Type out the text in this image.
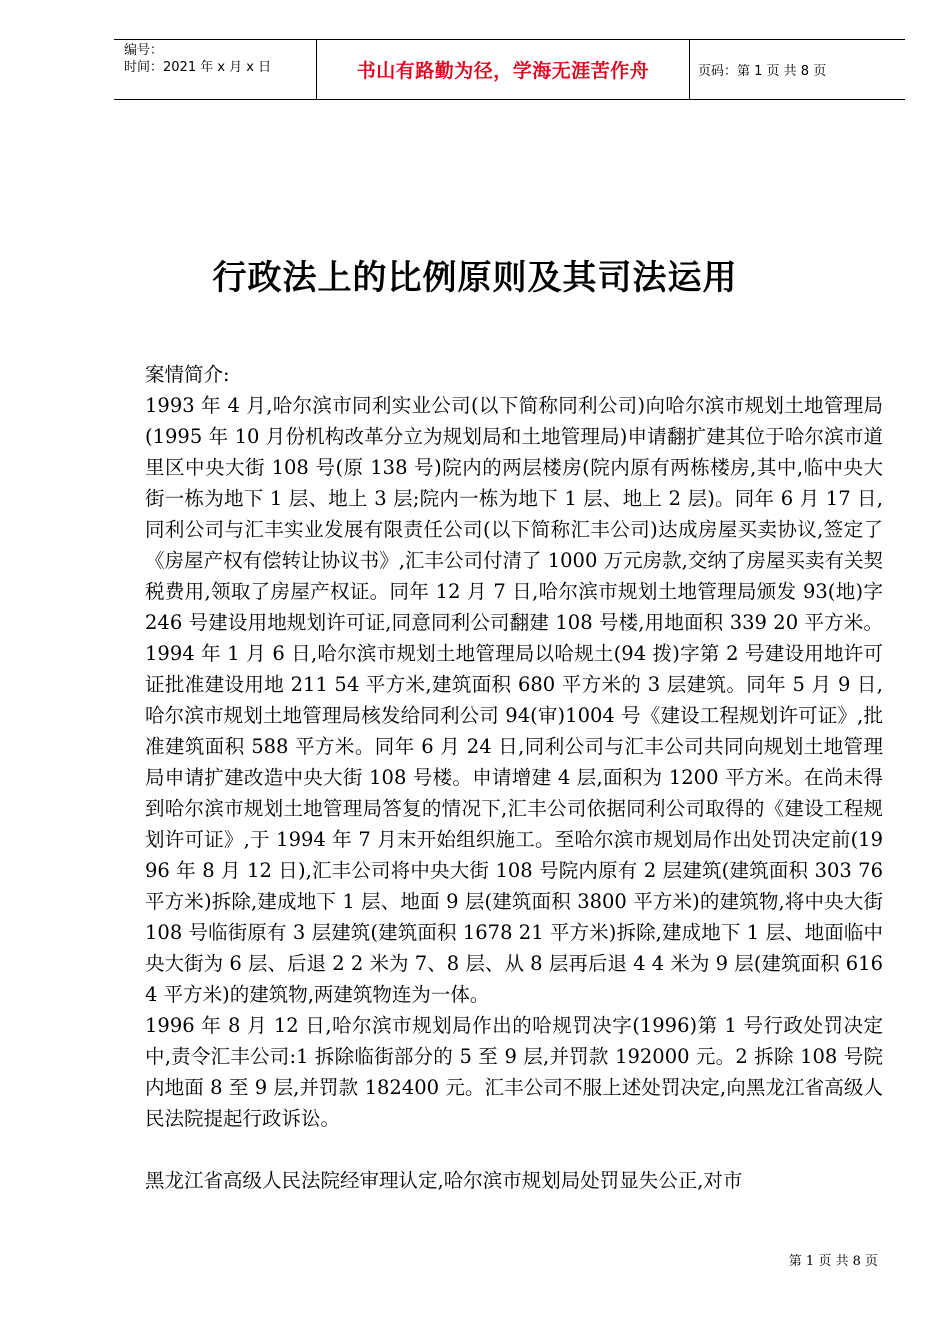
编号：
时间：2021 年 x 月 x 日	书山有路勤为径，学海无涯苦作舟	页码：第 1 页 共 8 页
行政法上的比例原则及其司法运用

案情简介:

1993 年 4 月,哈尔滨市同利实业公司(以下简称同利公司)向哈尔滨市规划土地管理局(1995 年 10 月份机构改革分立为规划局和土地管理局)申请翻扩建其位于哈尔滨市道里区中央大街 108 号(原 138 号)院内的两层楼房(院内原有两栋楼房,其中,临中央大街一栋为地下 1 层、地上 3 层;院内一栋为地下 1 层、地上 2 层)。同年 6 月 17 日,同利公司与汇丰实业发展有限责任公司(以下简称汇丰公司)达成房屋买卖协议,签定了《房屋产权有偿转让协议书》,汇丰公司付清了 1000 万元房款,交纳了房屋买卖有关契税费用,领取了房屋产权证。同年 12 月 7 日,哈尔滨市规划土地管理局颁发 93(地)字 246 号建设用地规划许可证,同意同利公司翻建 108 号楼,用地面积 339 20 平方米。1994 年 1 月 6 日,哈尔滨市规划土地管理局以哈规土(94 拨)字第 2 号建设用地许可证批准建设用地 211 54 平方米,建筑面积 680 平方米的 3 层建筑。同年 5 月 9 日,哈尔滨市规划土地管理局核发给同利公司 94(审)1004 号《建设工程规划许可证》,批准建筑面积 588 平方米。同年 6 月 24 日,同利公司与汇丰公司共同向规划土地管理局申请扩建改造中央大街 108 号楼。申请增建 4 层,面积为 1200 平方米。在尚未得到哈尔滨市规划土地管理局答复的情况下,汇丰公司依据同利公司取得的《建设工程规划许可证》,于 1994 年 7 月末开始组织施工。至哈尔滨市规划局作出处罚决定前(1996 年 8 月 12 日),汇丰公司将中央大街 108 号院内原有 2 层建筑(建筑面积 303 76 平方米)拆除,建成地下 1 层、地面 9 层(建筑面积 3800 平方米)的建筑物,将中央大街 108 号临街原有 3 层建筑(建筑面积 1678 21 平方米)拆除,建成地下 1 层、地面临中央大街为 6 层、后退 2 2 米为 7、8 层、从 8 层再后退 4 4 米为 9 层(建筑面积 6164 平方米)的建筑物,两建筑物连为一体。

1996 年 8 月 12 日,哈尔滨市规划局作出的哈规罚决字(1996)第 1 号行政处罚决定中,责令汇丰公司:1 拆除临街部分的 5 至 9 层,并罚款 192000 元。2 拆除 108 号院内地面 8 至 9 层,并罚款 182400 元。汇丰公司不服上述处罚决定,向黑龙江省高级人民法院提起行政诉讼。

黑龙江省高级人民法院经审理认定,哈尔滨市规划局处罚显失公正,对市

第 1 页 共 8 页
